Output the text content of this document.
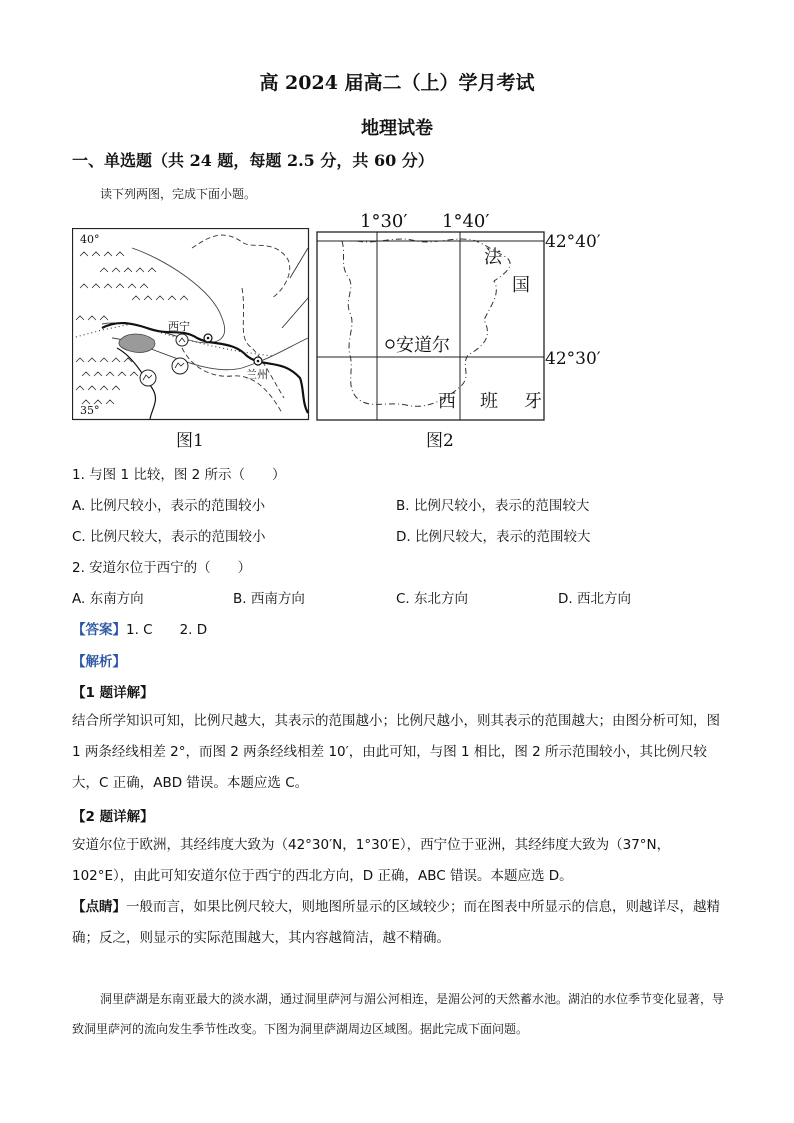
高 2024 届高二（上）学月考试
地理试卷
一、单选题（共 24 题，每题 2.5 分，共 60 分）
读下列两图，完成下面小题。
西宁
兰州
40°
35°
图1
1°30′ 1°40′
42°40′
42°30′
安道尔
法
国
西 班 牙
图2
1. 与图 1 比较，图 2 所示（　　）
A. 比例尺较小，表示的范围较小	B. 比例尺较小，表示的范围较大
C. 比例尺较大，表示的范围较小	D. 比例尺较大，表示的范围较大
2. 安道尔位于西宁的（　　）
A. 东南方向	B. 西南方向	C. 东北方向	D. 西北方向
【答案】1. C　　2. D
【解析】
【1 题详解】
结合所学知识可知，比例尺越大，其表示的范围越小；比例尺越小，则其表示的范围越大；由图分析可知，图 1 两条经线相差 2°，而图 2 两条经线相差 10′，由此可知，与图 1 相比，图 2 所示范围较小，其比例尺较大，C 正确，ABD 错误。本题应选 C。
【2 题详解】
安道尔位于欧洲，其经纬度大致为（42°30′N，1°30′E），西宁位于亚洲，其经纬度大致为（37°N，102°E），由此可知安道尔位于西宁的西北方向，D 正确，ABC 错误。本题应选 D。
【点睛】一般而言，如果比例尺较大，则地图所显示的区域较少；而在图表中所显示的信息，则越详尽，越精确；反之，则显示的实际范围越大，其内容越简洁，越不精确。
洞里萨湖是东南亚最大的淡水湖，通过洞里萨河与湄公河相连，是湄公河的天然蓄水池。湖泊的水位季节变化显著，导致洞里萨河的流向发生季节性改变。下图为洞里萨湖周边区域图。据此完成下面问题。
